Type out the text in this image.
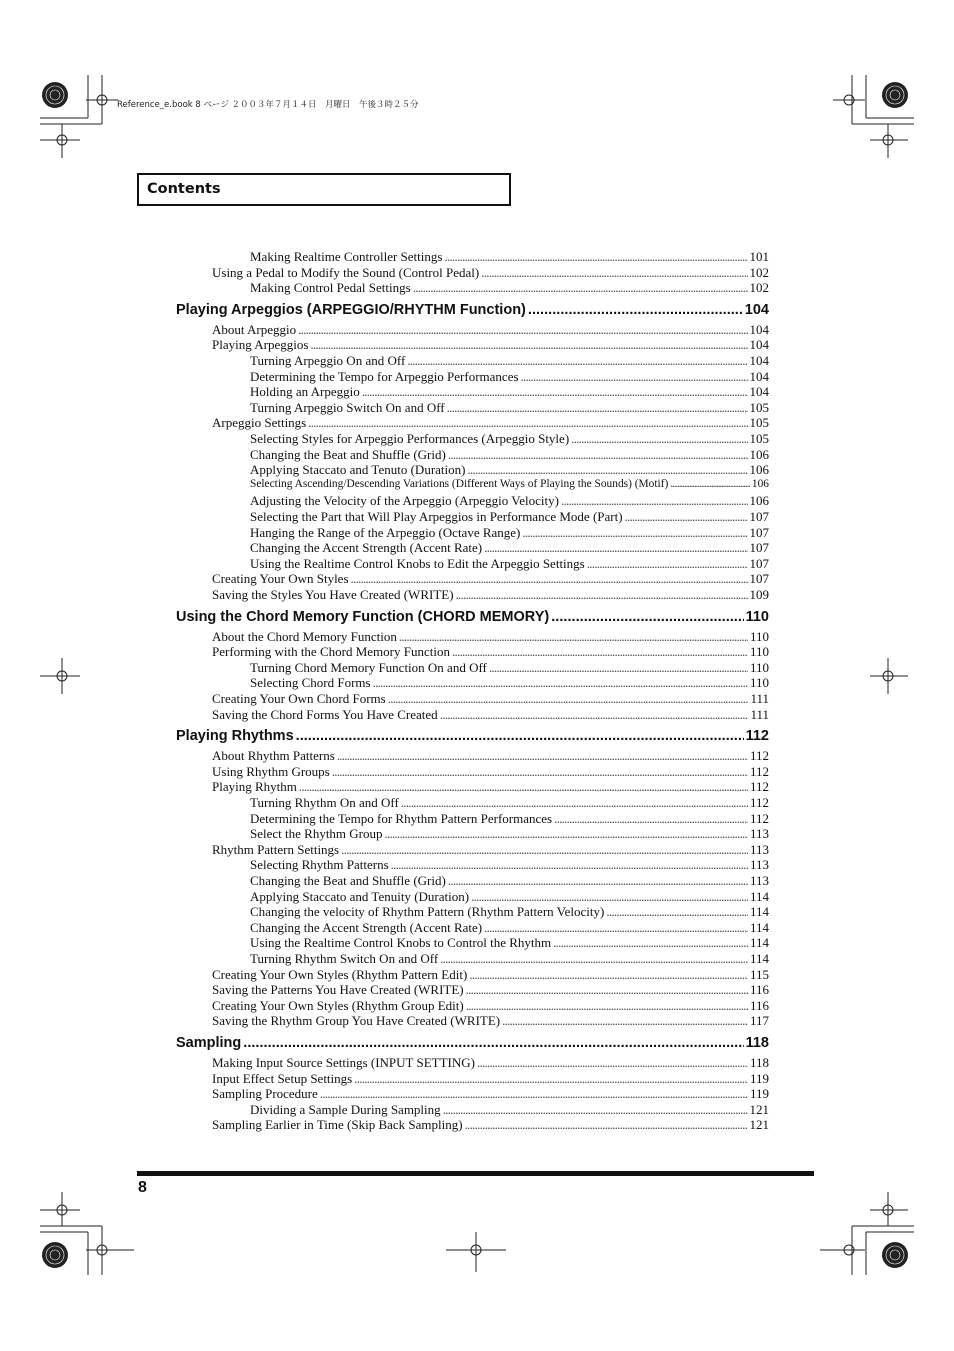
Reference_e.book 8 ページ ２００３年７月１４日　月曜日　午後３時２５分
Contents
Making Realtime Controller Settings . . .	101
Using a Pedal to Modify the Sound (Control Pedal) . . .	102
Making Control Pedal Settings . . .	102
Playing Arpeggios (ARPEGGIO/RHYTHM Function) . . .	104
About Arpeggio . . .	104
Playing Arpeggios . . .	104
Turning Arpeggio On and Off . . .	104
Determining the Tempo for Arpeggio Performances . . .	104
Holding an Arpeggio . . .	104
Turning Arpeggio Switch On and Off . . .	105
Arpeggio Settings . . .	105
Selecting Styles for Arpeggio Performances (Arpeggio Style) . . .	105
Changing the Beat and Shuffle (Grid) . . .	106
Applying Staccato and Tenuto (Duration) . . .	106
Selecting Ascending/Descending Variations (Different Ways of Playing the Sounds) (Motif) . . .	106
Adjusting the Velocity of the Arpeggio (Arpeggio Velocity) . . .	106
Selecting the Part that Will Play Arpeggios in Performance Mode (Part) . . .	107
Hanging the Range of the Arpeggio (Octave Range) . . .	107
Changing the Accent Strength (Accent Rate) . . .	107
Using the Realtime Control Knobs to Edit the Arpeggio Settings . . .	107
Creating Your Own Styles . . .	107
Saving the Styles You Have Created (WRITE) . . .	109
Using the Chord Memory Function (CHORD MEMORY) . . .	110
About the Chord Memory Function . . .	110
Performing with the Chord Memory Function . . .	110
Turning Chord Memory Function On and Off . . .	110
Selecting Chord Forms . . .	110
Creating Your Own Chord Forms . . .	111
Saving the Chord Forms You Have Created . . .	111
Playing Rhythms . . .	112
About Rhythm Patterns . . .	112
Using Rhythm Groups . . .	112
Playing Rhythm . . .	112
Turning Rhythm On and Off . . .	112
Determining the Tempo for Rhythm Pattern Performances . . .	112
Select the Rhythm Group . . .	113
Rhythm Pattern Settings . . .	113
Selecting Rhythm Patterns . . .	113
Changing the Beat and Shuffle (Grid) . . .	113
Applying Staccato and Tenuity (Duration) . . .	114
Changing the velocity of Rhythm Pattern (Rhythm Pattern Velocity) . . .	114
Changing the Accent Strength (Accent Rate) . . .	114
Using the Realtime Control Knobs to Control the Rhythm . . .	114
Turning Rhythm Switch On and Off . . .	114
Creating Your Own Styles (Rhythm Pattern Edit) . . .	115
Saving the Patterns You Have Created (WRITE) . . .	116
Creating Your Own Styles (Rhythm Group Edit) . . .	116
Saving the Rhythm Group You Have Created (WRITE) . . .	117
Sampling . . .	118
Making Input Source Settings (INPUT SETTING) . . .	118
Input Effect Setup Settings . . .	119
Sampling Procedure . . .	119
Dividing a Sample During Sampling . . .	121
Sampling Earlier in Time (Skip Back Sampling) . . .	121
8
